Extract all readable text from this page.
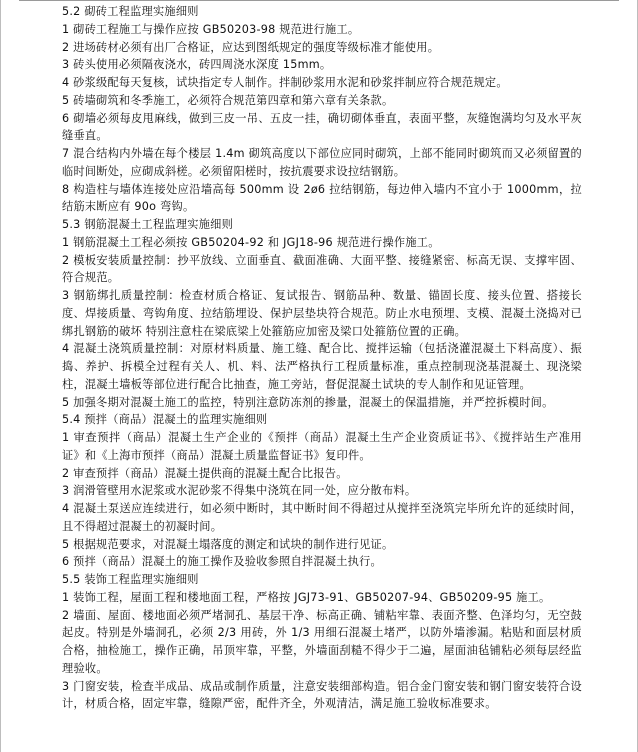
5.2 砌砖工程监理实施细则

1 砌砖工程施工与操作应按 GB50203-98 规范进行施工。

2 进场砖材必须有出厂合格证，应达到图纸规定的强度等级标准才能使用。

3 砖头使用必须隔夜浇水，砖四周浇水深度 15mm。

4 砂浆级配每天复核，试块指定专人制作。拌制砂浆用水泥和砂浆拌制应符合规范规定。

5 砖墙砌筑和冬季施工，必须符合规范第四章和第六章有关条款。

6 砌墙必须每皮甩麻线，做到三皮一吊、五皮一挂，确切砌体垂直，表面平整，灰缝饱满均匀及水平灰缝垂直。

7 混合结构内外墙在每个楼层 1.4m 砌筑高度以下部位应同时砌筑，上部不能同时砌筑而又必须留置的临时间断处，应砌成斜槎。必须留阳槎时，按抗震要求设拉结钢筋。

8 构造柱与墙体连接处应沿墙高每 500mm 设 2ø6 拉结钢筋，每边伸入墙内不宜小于 1000mm，拉结筋末断应有 90o 弯钩。

5.3 钢筋混凝土工程监理实施细则

1 钢筋混凝土工程必须按 GB50204-92 和 JGJ18-96 规范进行操作施工。

2 模板安装质量控制：抄平放线、立面垂直、截面准确、大面平整、接缝紧密、标高无误、支撑牢固、符合规范。

3 钢筋绑扎质量控制：检查材质合格证、复试报告、钢筋品种、数量、锚固长度、接头位置、搭接长度、焊接质量、弯钩角度、拉结筋埋设、保护层垫块符合规范。防止水电预埋、支模、混凝土浇捣对已绑扎钢筋的破坏 特别注意柱在梁底梁上处箍筋应加密及梁口处箍筋位置的正确。

4 混凝土浇筑质量控制：对原材料质量、施工缝、配合比、搅拌运输（包括浇灌混凝土下料高度）、振捣、养护、拆模全过程有关人、机、料、法严格执行工程质量标准，重点控制现浇基混凝土、现浇梁柱，混凝土墙板等部位进行配合比抽查，施工旁站，督促混凝土试块的专人制作和见证管理。

5 加强冬期对混凝土施工的监控，特别注意防冻剂的掺量，混凝土的保温措施，并严控拆模时间。

5.4 预拌（商品）混凝土的监理实施细则

1 审查预拌（商品）混凝土生产企业的《预拌（商品）混凝土生产企业资质证书》、《搅拌站生产准用证》和《上海市预拌（商品）混凝土质量监督证书》复印件。

2 审查预拌（商品）混凝土提供商的混凝土配合比报告。

3 润滑管壁用水泥浆或水泥砂浆不得集中浇筑在同一处，应分散布料。

4 混凝土泵送应连续进行，如必须中断时，其中断时间不得超过从搅拌至浇筑完毕所允许的延续时间，且不得超过混凝土的初凝时间。

5 根据规范要求，对混凝土塌落度的测定和试块的制作进行见证。

6 预拌（商品）混凝土的施工操作及验收参照自拌混凝土执行。

5.5 装饰工程监理实施细则

1 装饰工程，屋面工程和楼地面工程，严格按 JGJ73-91、GB50207-94、GB50209-95 施工。

2 墙面、屋面、楼地面必须严堵洞孔、基层干净、标高正确、铺粘牢靠、表面齐整、色泽均匀，无空鼓起皮。特别是外墙洞孔，必须 2/3 用砖，外 1/3 用细石混凝土堵严，以防外墙渗漏。粘贴和面层材质合格，抽检施工，操作正确，吊顶牢靠，平整，外墙面刮糙不得少于二遍，屋面油毡铺粘必须每层经监理验收。

3 门窗安装，检查半成品、成品或制作质量，注意安装细部构造。铝合金门窗安装和钢门窗安装符合设计，材质合格，固定牢靠，缝隙严密，配件齐全，外观清洁，满足施工验收标准要求。
